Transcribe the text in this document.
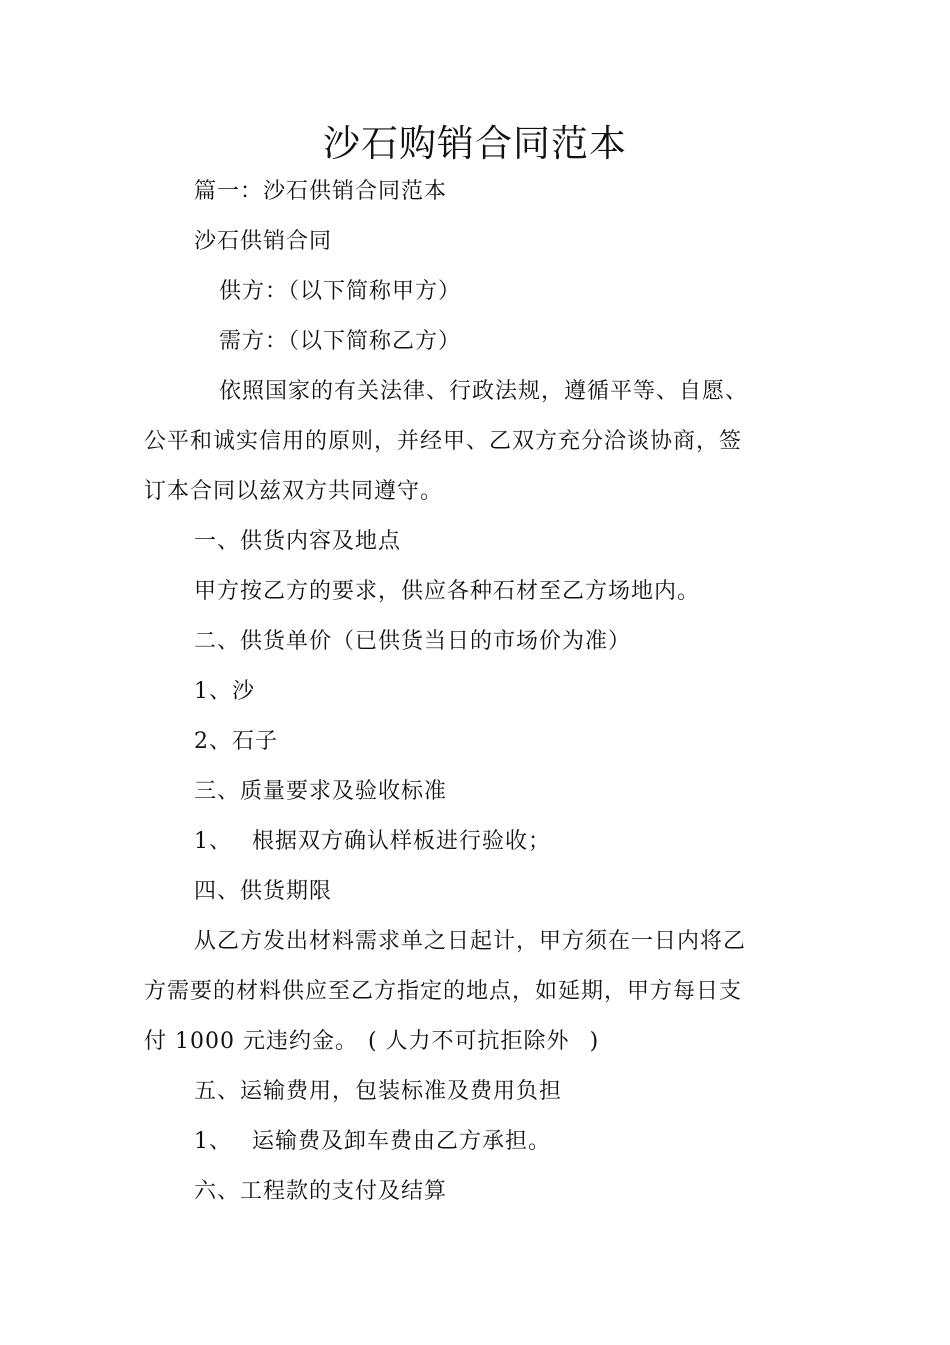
沙石购销合同范本
篇一：沙石供销合同范本
沙石供销合同
供方：（以下简称甲方）
需方：（以下简称乙方）
依照国家的有关法律、行政法规，遵循平等、自愿、
公平和诚实信用的原则，并经甲、乙双方充分洽谈协商，签
订本合同以兹双方共同遵守。
一、供货内容及地点
甲方按乙方的要求，供应各种石材至乙方场地内。
二、供货单价（已供货当日的市场价为准）
1、沙
2、石子
三、质量要求及验收标准
1、 根据双方确认样板进行验收；
四、供货期限
从乙方发出材料需求单之日起计，甲方须在一日内将乙
方需要的材料供应至乙方指定的地点，如延期，甲方每日支
付 1000 元违约金。 ( 人力不可抗拒除外 )
五、运输费用，包装标准及费用负担
1、 运输费及卸车费由乙方承担。
六、工程款的支付及结算
